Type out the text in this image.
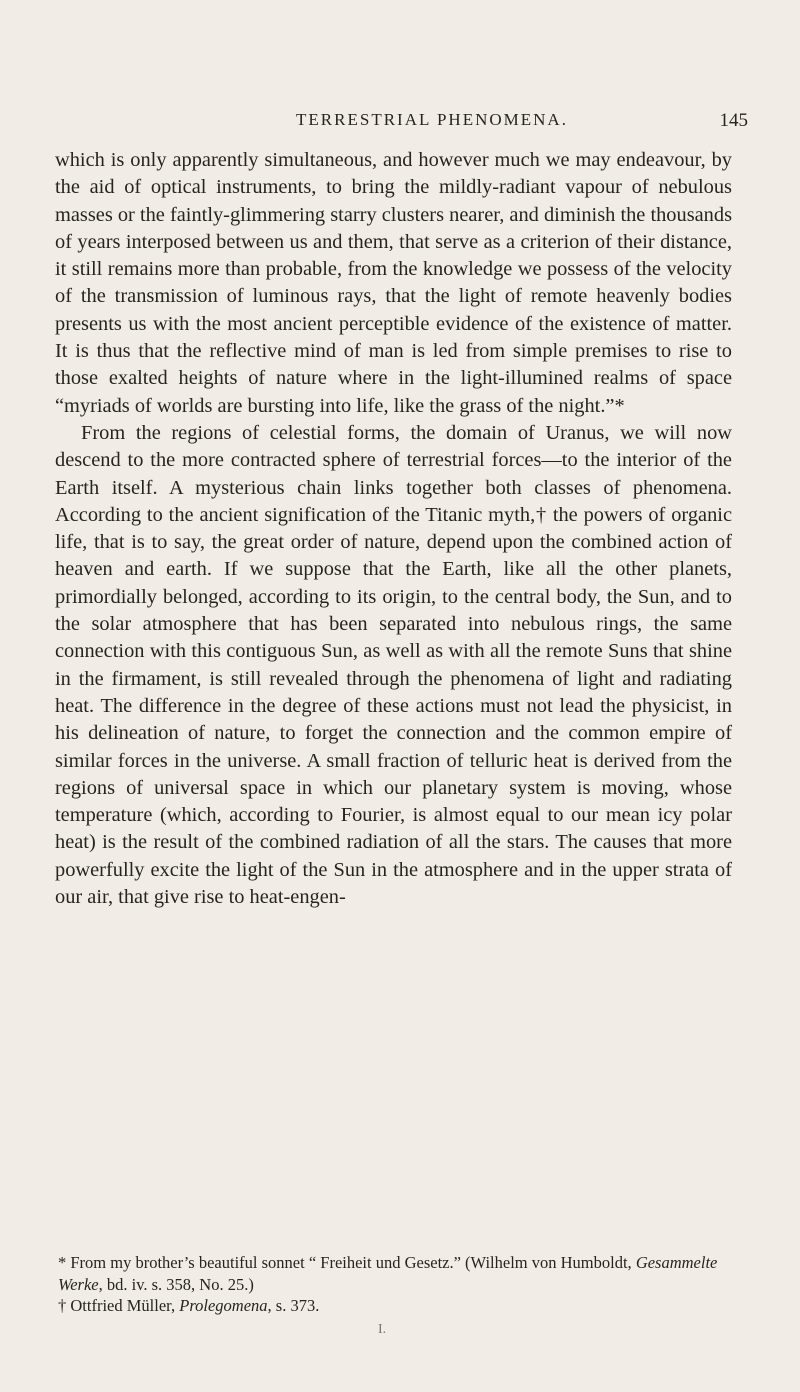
TERRESTRIAL PHENOMENA.	145

which is only apparently simultaneous, and however much we may endeavour, by the aid of optical instruments, to bring the mildly-radiant vapour of nebulous masses or the faintly-glimmering starry clusters nearer, and diminish the thousands of years interposed between us and them, that serve as a criterion of their distance, it still remains more than probable, from the knowledge we possess of the velocity of the transmission of luminous rays, that the light of remote heavenly bodies presents us with the most ancient perceptible evidence of the existence of matter. It is thus that the reflective mind of man is led from simple premises to rise to those exalted heights of nature where in the light-illumined realms of space “myriads of worlds are bursting into life, like the grass of the night.”*

From the regions of celestial forms, the domain of Uranus, we will now descend to the more contracted sphere of terrestrial forces—to the interior of the Earth itself. A mysterious chain links together both classes of phenomena. According to the ancient signification of the Titanic myth,† the powers of organic life, that is to say, the great order of nature, depend upon the combined action of heaven and earth. If we suppose that the Earth, like all the other planets, primordially belonged, according to its origin, to the central body, the Sun, and to the solar atmosphere that has been separated into nebulous rings, the same connection with this contiguous Sun, as well as with all the remote Suns that shine in the firmament, is still revealed through the phenomena of light and radiating heat. The difference in the degree of these actions must not lead the physicist, in his delineation of nature, to forget the connection and the common empire of similar forces in the universe. A small fraction of telluric heat is derived from the regions of universal space in which our planetary system is moving, whose temperature (which, according to Fourier, is almost equal to our mean icy polar heat) is the result of the combined radiation of all the stars. The causes that more powerfully excite the light of the Sun in the atmosphere and in the upper strata of our air, that give rise to heat-engen-

* From my brother’s beautiful sonnet “ Freiheit und Gesetz.” (Wilhelm von Humboldt, Gesammelte Werke, bd. iv. s. 358, No. 25.)

† Ottfried Müller, Prolegomena, s. 373.

I.
